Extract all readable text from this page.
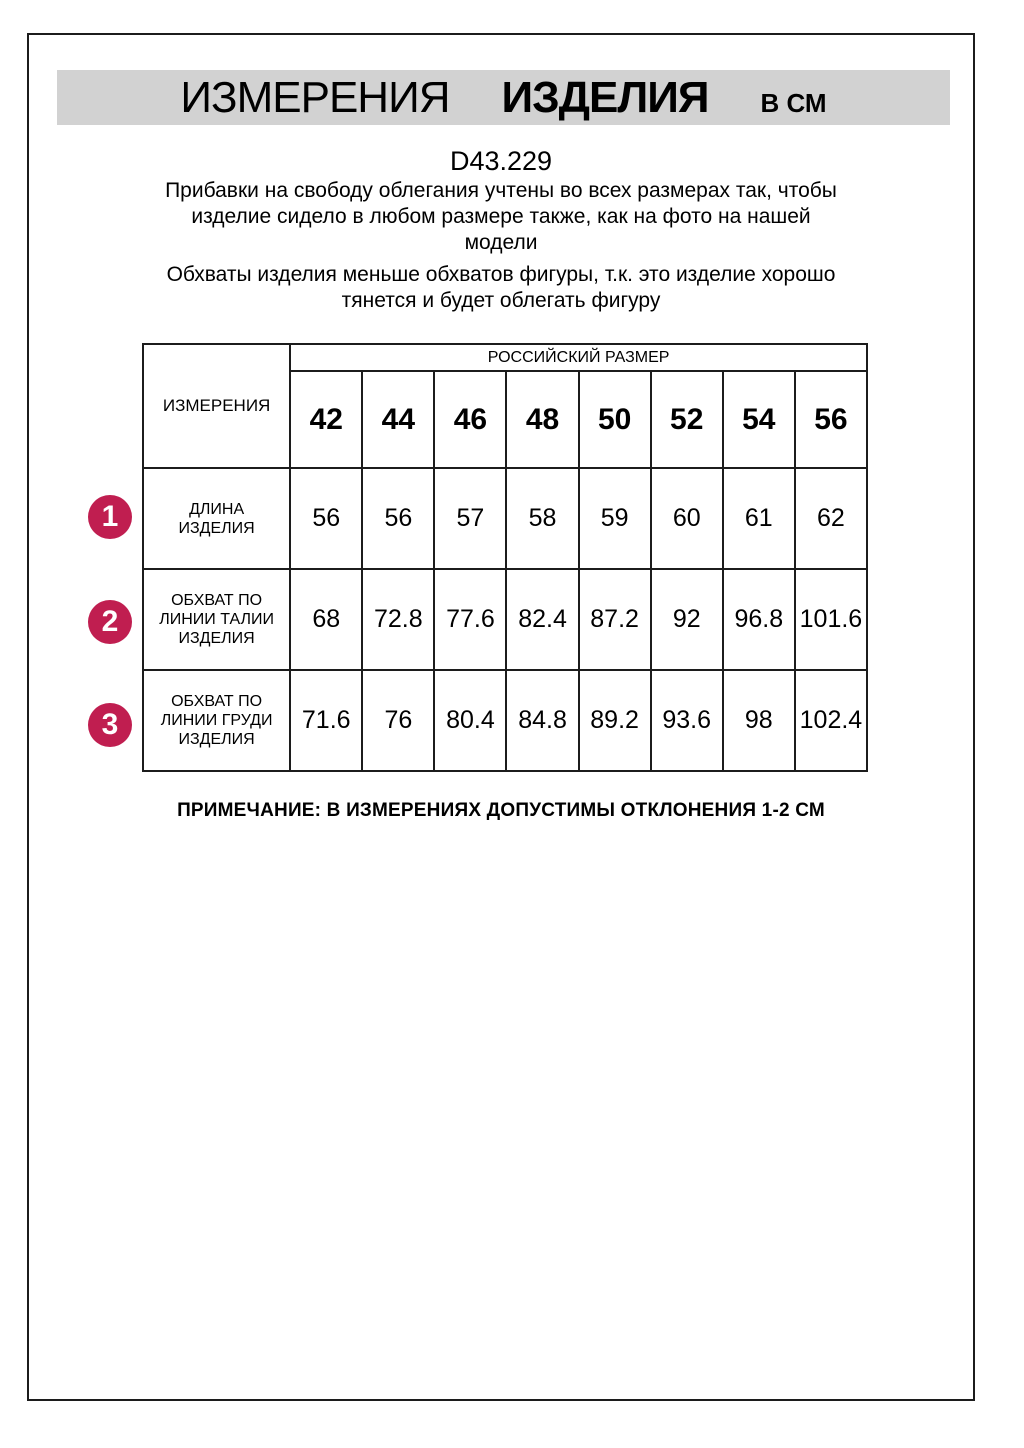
ИЗМЕРЕНИЯ ИЗДЕЛИЯ В СМ
D43.229
Прибавки на свободу облегания учтены во всех размерах так, чтобы
изделие сидело в любом размере также, как на фото на нашей
модели
Обхваты изделия меньше обхватов фигуры, т.к. это изделие хорошо
тянется и будет облегать фигуру
ИЗМЕРЕНИЯ	РОССИЙСКИЙ РАЗМЕР							
	42	44	46	48	50	52	54	56
ДЛИНА ИЗДЕЛИЯ	56	56	57	58	59	60	61	62
ОБХВАТ ПО ЛИНИИ ТАЛИИ ИЗДЕЛИЯ	68	72.8	77.6	82.4	87.2	92	96.8	101.6
ОБХВАТ ПО ЛИНИИ ГРУДИ ИЗДЕЛИЯ	71.6	76	80.4	84.8	89.2	93.6	98	102.4
1
2
3
ПРИМЕЧАНИЕ: В ИЗМЕРЕНИЯХ ДОПУСТИМЫ ОТКЛОНЕНИЯ 1-2 СМ
